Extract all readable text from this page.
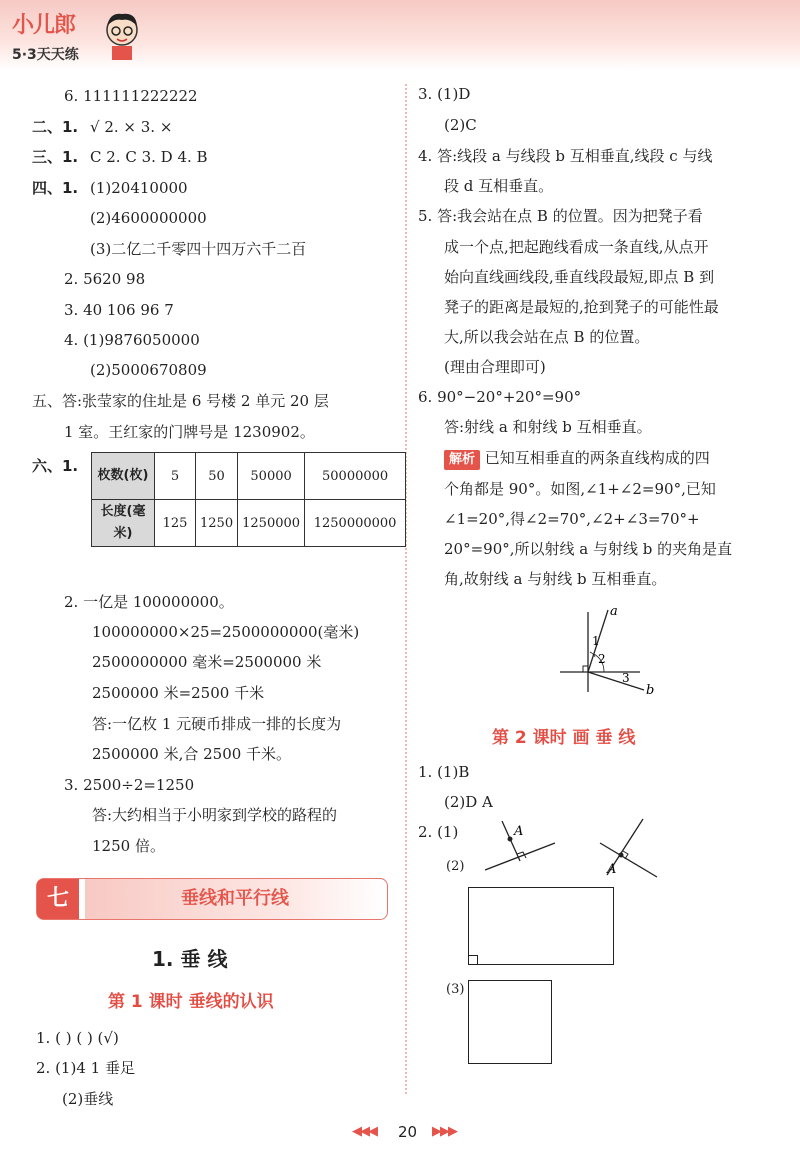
小儿郎
5·3天天练
6. 111111222222
二、1. √ 2. × 3. ×
三、1. C 2. C 3. D 4. B
四、1. (1)20410000
(2)4600000000
(3)二亿二千零四十四万六千二百
2. 5620 98
3. 40 106 96 7
4. (1)9876050000
(2)5000670809
五、答:张莹家的住址是 6 号楼 2 单元 20 层
1 室。王红家的门牌号是 1230902。
六、1.
枚数(枚)	5	50	50000	50000000
长度(毫米)	125	1250	1250000	1250000000
2. 一亿是 100000000。
100000000×25=2500000000(毫米)
2500000000 毫米=2500000 米
2500000 米=2500 千米
答:一亿枚 1 元硬币排成一排的长度为
2500000 米,合 2500 千米。
3. 2500÷2=1250
答:大约相当于小明家到学校的路程的
1250 倍。
七	垂线和平行线
1. 垂 线
第 1 课时 垂线的认识
1. ( ) ( ) (√)
2. (1)4 1 垂足
(2)垂线
3. (1)D
(2)C
4. 答:线段 a 与线段 b 互相垂直,线段 c 与线
段 d 互相垂直。
5. 答:我会站在点 B 的位置。因为把凳子看
成一个点,把起跑线看成一条直线,从点开
始向直线画线段,垂直线段最短,即点 B 到
凳子的距离是最短的,抢到凳子的可能性最
大,所以我会站在点 B 的位置。
(理由合理即可)
6. 90°−20°+20°=90°
答:射线 a 和射线 b 互相垂直。
解析 已知互相垂直的两条直线构成的四
个角都是 90°。如图,∠1+∠2=90°,已知
∠1=20°,得∠2=70°,∠2+∠3=70°+
20°=90°,所以射线 a 与射线 b 的夹角是直
角,故射线 a 与射线 b 互相垂直。
a
b
1
2
3
第 2 课时 画 垂 线
1. (1)B
(2)D A
2. (1)	A
A
(2)
(3)
◀◀◀ 20 ▶▶▶
